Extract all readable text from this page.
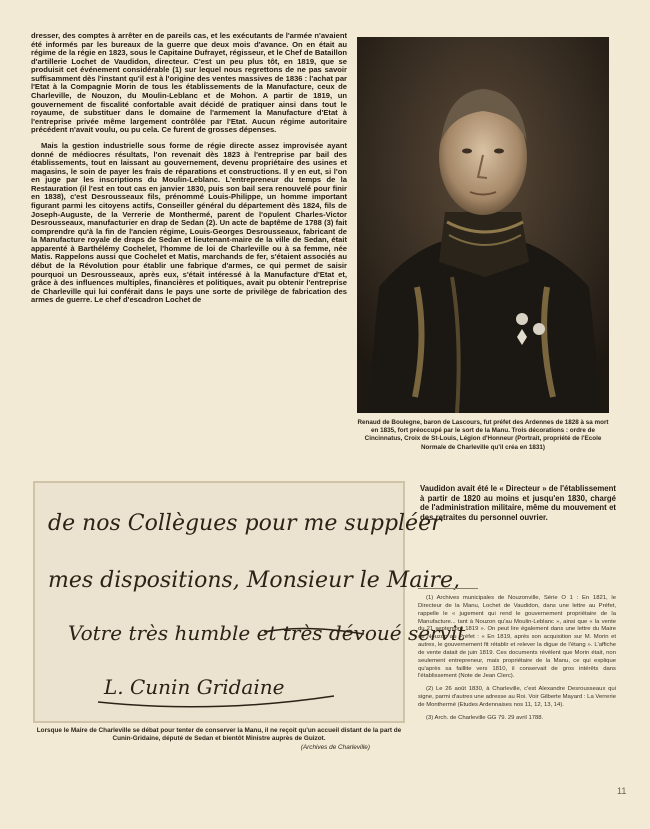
dresser, des comptes à arrêter en de pareils cas, et les exécutants de l'armée n'avaient été informés par les bureaux de la guerre que deux mois d'avance. On en était au régime de la régie en 1823, sous le Capitaine Dufrayet, régisseur, et le Chef de Bataillon d'artillerie Lochet de Vaudidon, directeur. C'est un peu plus tôt, en 1819, que se produisit cet événement considérable (1) sur lequel nous regrettons de ne pas savoir suffisamment dès l'instant qu'il est à l'origine des ventes massives de 1836 : l'achat par l'Etat à la Compagnie Morin de tous les établissements de la Manufacture, ceux de Charleville, de Nouzon, du Moulin-Leblanc et de Mohon. A partir de 1819, un gouvernement de fiscalité confortable avait décidé de pratiquer ainsi dans tout le royaume, de substituer dans le domaine de l'armement la Manufacture d'Etat à l'entreprise privée même largement contrôlée par l'Etat. Aucun régime autoritaire précédent n'avait voulu, ou pu cela. Ce furent de grosses dépenses.

Mais la gestion industrielle sous forme de régie directe assez improvisée ayant donné de médiocres résultats, l'on revenait dès 1823 à l'entreprise par bail des établissements, tout en laissant au gouvernement, devenu propriétaire des usines et magasins, le soin de payer les frais de réparations et constructions. Il y en eut, si l'on en juge par les inscriptions du Moulin-Leblanc. L'entrepreneur du temps de la Restauration (il l'est en tout cas en janvier 1830, puis son bail sera renouvelé pour finir en 1838), c'est Desrousseaux fils, prénommé Louis-Philippe, un homme important figurant parmi les citoyens actifs, Conseiller général du département dès 1824, fils de Joseph-Auguste, de la Verrerie de Monthermé, parent de l'opulent Charles-Victor Desrousseaux, manufacturier en drap de Sedan (2). Un acte de baptême de 1788 (3) fait comprendre qu'à la fin de l'ancien régime, Louis-Georges Desrousseaux, fabricant de la Manufacture royale de draps de Sedan et lieutenant-maire de la ville de Sedan, était apparenté à Barthélémy Cochelet, l'homme de loi de Charleville ou à sa femme, née Matis. Rappelons aussi que Cochelet et Matis, marchands de fer, s'étaient associés au début de la Révolution pour établir une fabrique d'armes, ce qui permet de saisir pourquoi un Desrousseaux, après eux, s'était intéressé à la Manufacture d'Etat et, grâce à des influences multiples, financières et politiques, avait pu obtenir l'entreprise de Charleville qui lui conférait dans le pays une sorte de privilège de fabrication des armes de guerre. Le chef d'escadron Lochet de

Renaud de Boulegne, baron de Lascours, fut préfet des Ardennes de 1828 à sa mort en 1835, fort préoccupé par le sort de la Manu. Trois décorations : ordre de Cincinnatus, Croix de St-Louis, Légion d'Honneur (Portrait, propriété de l'Ecole Normale de Charleville qu'il créa en 1831)
de nos Collègues pour me suppléer
mes dispositions, Monsieur le Maire,
Votre très humble et très dévoué servit
L. Cunin Gridaine
Lorsque le Maire de Charleville se débat pour tenter de conserver la Manu, il ne reçoit qu'un accueil distant de la part de Cunin-Gridaine, député de Sedan et bientôt Ministre auprès de Guizot.
(Archives de Charleville)
Vaudidon avait été le « Directeur » de l'établissement à partir de 1820 au moins et jusqu'en 1830, chargé de l'administration militaire, même du mouvement et des retraites du personnel ouvrier.

(1) Archives municipales de Nouzonville, Série O 1 : En 1821, le Directeur de la Manu, Lochet de Vaudidon, dans une lettre au Préfet, rappelle le « jugement qui rend le gouvernement propriétaire de la Manufacture... tant à Nouzon qu'au Moulin-Leblanc », ainsi que « la vente du 21 septembre 1819 ». On peut lire également dans une lettre du Maire de Nouzon au Préfet : « En 1819, après son acquisition sur M. Morin et autres, le gouvernement fit rétablir et relever la digue de l'étang ». L'affiche de vente datait de juin 1819. Ces documents révèlent que Morin était, non seulement entrepreneur, mais propriétaire de la Manu, ce qui explique qu'après sa faillite vers 1810, il conservait de gros intérêts dans l'établissement (Note de Jean Clerc).

(2) Le 26 août 1830, à Charleville, c'est Alexandre Desrousseaux qui signe, parmi d'autres une adresse au Roi. Voir Gilberte Mayard : La Verrerie de Monthermé (Etudes Ardennaises nos 11, 12, 13, 14).

(3) Arch. de Charleville GG 79. 29 avril 1788.

11
